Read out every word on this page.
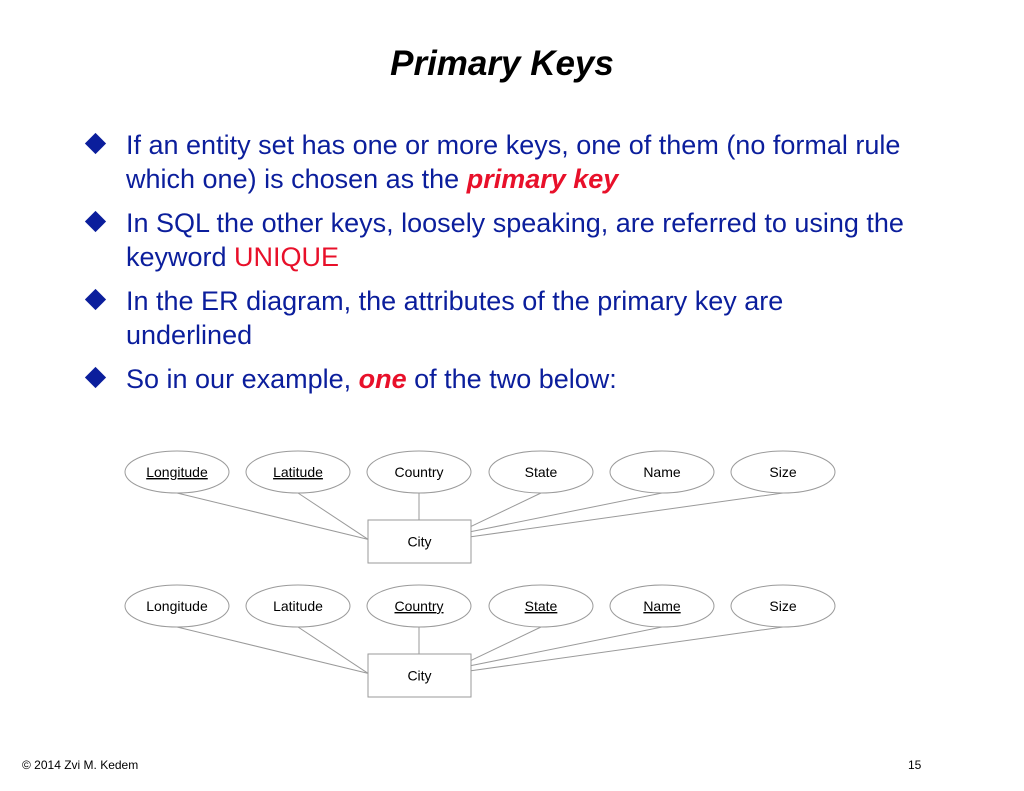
Primary Keys
If an entity set has one or more keys, one of them (no formal rule which one) is chosen as the primary key
In SQL the other keys, loosely speaking, are referred to using the keyword UNIQUE
In the ER diagram, the attributes of the primary key are underlined
So in our example, one of the two below:
Longitude	Latitude	Country	State	Name	Size
City
Longitude	Latitude	Country	State	Name	Size
City
© 2014 Zvi M. Kedem	15
